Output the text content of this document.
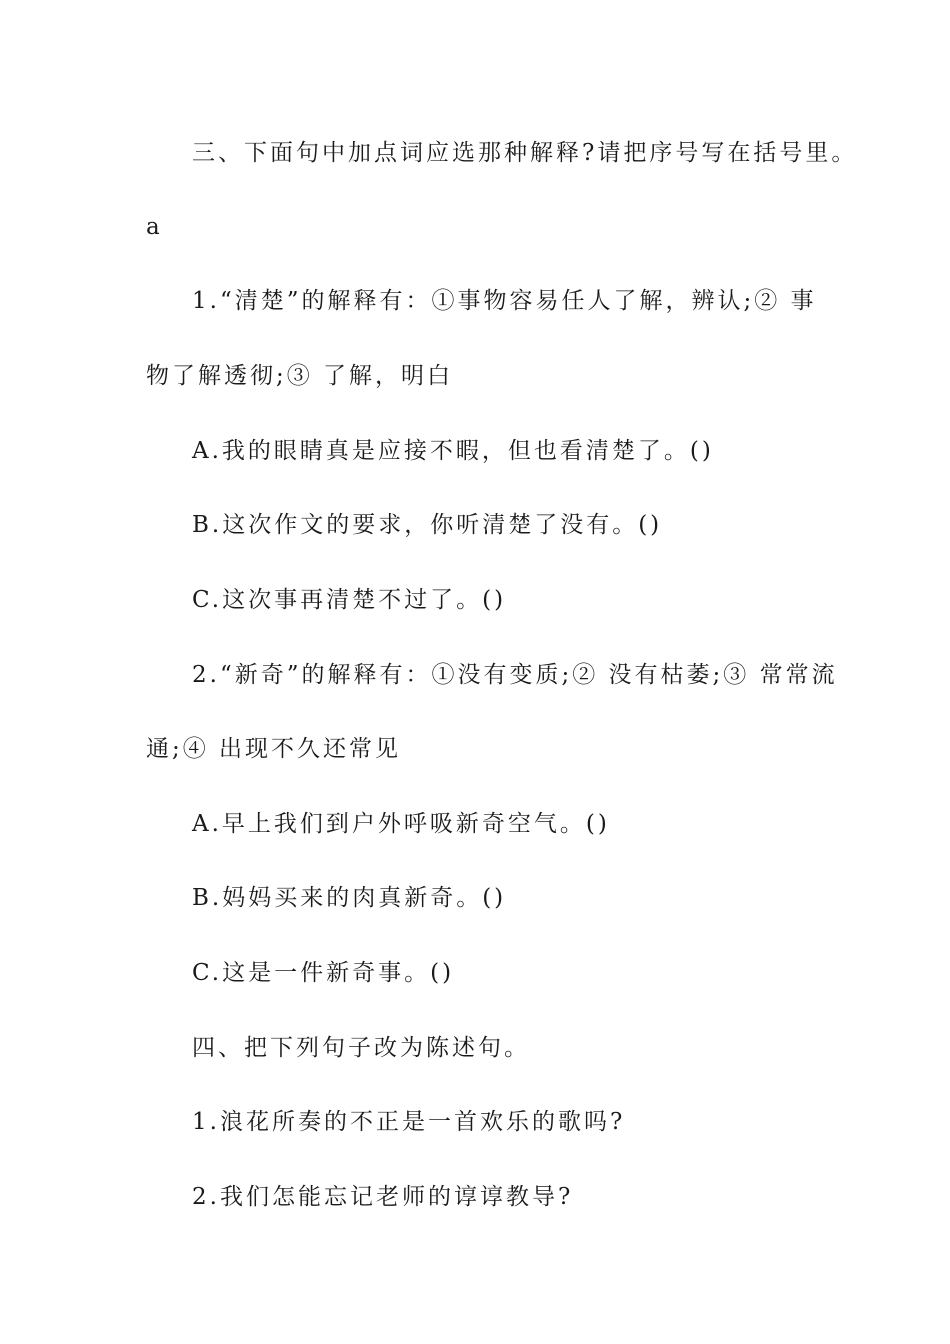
三、下面句中加点词应选那种解释?请把序号写在括号里。
a
1.“清楚”的解释有：①事物容易任人了解，辨认;② 事
物了解透彻;③ 了解，明白
A.我的眼睛真是应接不暇，但也看清楚了。()
B.这次作文的要求，你听清楚了没有。()
C.这次事再清楚不过了。()
2.“新奇”的解释有：①没有变质;② 没有枯萎;③ 常常流
通;④ 出现不久还常见
A.早上我们到户外呼吸新奇空气。()
B.妈妈买来的肉真新奇。()
C.这是一件新奇事。()
四、把下列句子改为陈述句。
1.浪花所奏的不正是一首欢乐的歌吗?
2.我们怎能忘记老师的谆谆教导?
